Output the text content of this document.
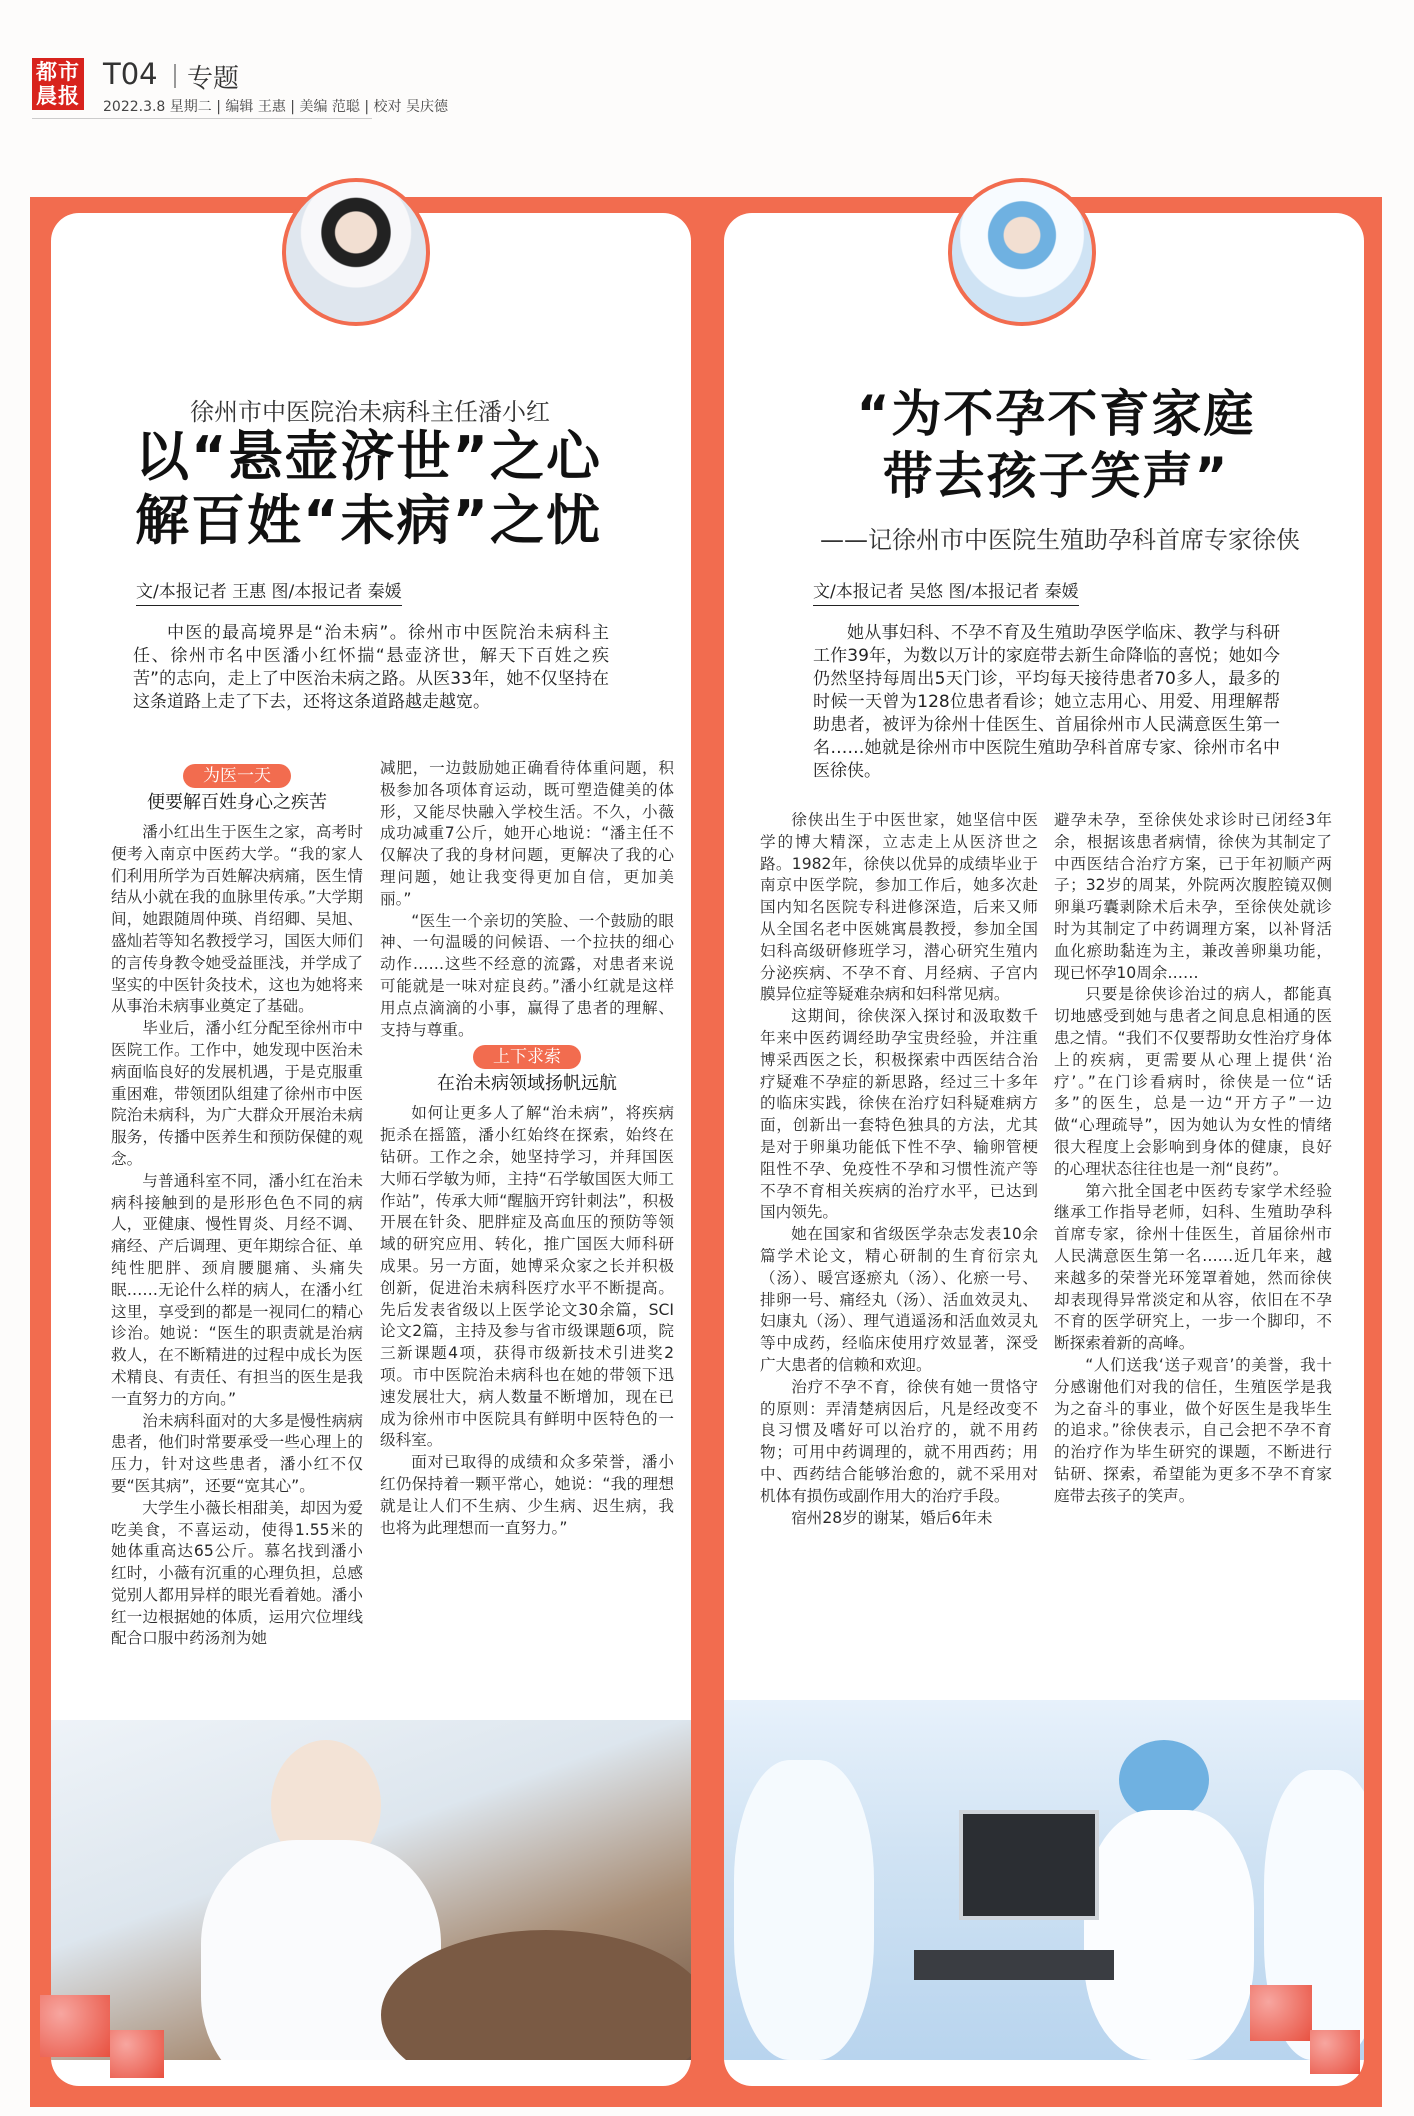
都市
晨报
T04 专题
2022.3.8 星期二 | 编辑 王惠 | 美编 范聪 | 校对 吴庆德
徐州市中医院治未病科主任潘小红
以“悬壶济世”之心
解百姓“未病”之忧
文/本报记者 王惠 图/本报记者 秦媛
中医的最高境界是“治未病”。徐州市中医院治未病科主任、徐州市名中医潘小红怀揣“悬壶济世，解天下百姓之疾苦”的志向，走上了中医治未病之路。从医33年，她不仅坚持在这条道路上走了下去，还将这条道路越走越宽。
为医一天
便要解百姓身心之疾苦

潘小红出生于医生之家，高考时便考入南京中医药大学。“我的家人们利用所学为百姓解决病痛，医生情结从小就在我的血脉里传承。”大学期间，她跟随周仲瑛、肖绍卿、吴旭、盛灿若等知名教授学习，国医大师们的言传身教令她受益匪浅，并学成了坚实的中医针灸技术，这也为她将来从事治未病事业奠定了基础。

毕业后，潘小红分配至徐州市中医院工作。工作中，她发现中医治未病面临良好的发展机遇，于是克服重重困难，带领团队组建了徐州市中医院治未病科，为广大群众开展治未病服务，传播中医养生和预防保健的观念。

与普通科室不同，潘小红在治未病科接触到的是形形色色不同的病人，亚健康、慢性胃炎、月经不调、痛经、产后调理、更年期综合征、单纯性肥胖、颈肩腰腿痛、头痛失眠……无论什么样的病人，在潘小红这里，享受到的都是一视同仁的精心诊治。她说：“医生的职责就是治病救人，在不断精进的过程中成长为医术精良、有责任、有担当的医生是我一直努力的方向。”

治未病科面对的大多是慢性病病患者，他们时常要承受一些心理上的压力，针对这些患者，潘小红不仅要“医其病”，还要“宽其心”。

大学生小薇长相甜美，却因为爱吃美食，不喜运动，使得1.55米的她体重高达65公斤。慕名找到潘小红时，小薇有沉重的心理负担，总感觉别人都用异样的眼光看着她。潘小红一边根据她的体质，运用穴位埋线配合口服中药汤剂为她

减肥，一边鼓励她正确看待体重问题，积极参加各项体育运动，既可塑造健美的体形，又能尽快融入学校生活。不久，小薇成功减重7公斤，她开心地说：“潘主任不仅解决了我的身材问题，更解决了我的心理问题，她让我变得更加自信，更加美丽。”

“医生一个亲切的笑脸、一个鼓励的眼神、一句温暖的问候语、一个拉扶的细心动作……这些不经意的流露，对患者来说可能就是一味对症良药。”潘小红就是这样用点点滴滴的小事，赢得了患者的理解、支持与尊重。

上下求索
在治未病领域扬帆远航

如何让更多人了解“治未病”，将疾病扼杀在摇篮，潘小红始终在探索，始终在钻研。工作之余，她坚持学习，并拜国医大师石学敏为师，主持“石学敏国医大师工作站”，传承大师“醒脑开窍针刺法”，积极开展在针灸、肥胖症及高血压的预防等领域的研究应用、转化，推广国医大师科研成果。另一方面，她博采众家之长并积极创新，促进治未病科医疗水平不断提高。先后发表省级以上医学论文30余篇，SCI论文2篇，主持及参与省市级课题6项，院三新课题4项，获得市级新技术引进奖2项。市中医院治未病科也在她的带领下迅速发展壮大，病人数量不断增加，现在已成为徐州市中医院具有鲜明中医特色的一级科室。

面对已取得的成绩和众多荣誉，潘小红仍保持着一颗平常心，她说：“我的理想就是让人们不生病、少生病、迟生病，我也将为此理想而一直努力。”

“为不孕不育家庭
带去孩子笑声”
——记徐州市中医院生殖助孕科首席专家徐侠
文/本报记者 吴悠 图/本报记者 秦媛
她从事妇科、不孕不育及生殖助孕医学临床、教学与科研工作39年，为数以万计的家庭带去新生命降临的喜悦；她如今仍然坚持每周出5天门诊，平均每天接待患者70多人，最多的时候一天曾为128位患者看诊；她立志用心、用爱、用理解帮助患者，被评为徐州十佳医生、首届徐州市人民满意医生第一名……她就是徐州市中医院生殖助孕科首席专家、徐州市名中医徐侠。

徐侠出生于中医世家，她坚信中医学的博大精深，立志走上从医济世之路。1982年，徐侠以优异的成绩毕业于南京中医学院，参加工作后，她多次赴国内知名医院专科进修深造，后来又师从全国名老中医姚寓晨教授，参加全国妇科高级研修班学习，潜心研究生殖内分泌疾病、不孕不育、月经病、子宫内膜异位症等疑难杂病和妇科常见病。

这期间，徐侠深入探讨和汲取数千年来中医药调经助孕宝贵经验，并注重博采西医之长，积极探索中西医结合治疗疑难不孕症的新思路，经过三十多年的临床实践，徐侠在治疗妇科疑难病方面，创新出一套特色独具的方法，尤其是对于卵巢功能低下性不孕、输卵管梗阻性不孕、免疫性不孕和习惯性流产等不孕不育相关疾病的治疗水平，已达到国内领先。

她在国家和省级医学杂志发表10余篇学术论文，精心研制的生育衍宗丸（汤）、暖宫逐瘀丸（汤）、化瘀一号、排卵一号、痛经丸（汤）、活血效灵丸、妇康丸（汤）、理气逍遥汤和活血效灵丸等中成药，经临床使用疗效显著，深受广大患者的信赖和欢迎。

治疗不孕不育，徐侠有她一贯恪守的原则：弄清楚病因后，凡是经改变不良习惯及嗜好可以治疗的，就不用药物；可用中药调理的，就不用西药；用中、西药结合能够治愈的，就不采用对机体有损伤或副作用大的治疗手段。

宿州28岁的谢某，婚后6年未

避孕未孕，至徐侠处求诊时已闭经3年余，根据该患者病情，徐侠为其制定了中西医结合治疗方案，已于年初顺产两子；32岁的周某，外院两次腹腔镜双侧卵巢巧囊剥除术后未孕，至徐侠处就诊时为其制定了中药调理方案，以补肾活血化瘀助黏连为主，兼改善卵巢功能，现已怀孕10周余……

只要是徐侠诊治过的病人，都能真切地感受到她与患者之间息息相通的医患之情。“我们不仅要帮助女性治疗身体上的疾病，更需要从心理上提供‘治疗’。”在门诊看病时，徐侠是一位“话多”的医生，总是一边“开方子”一边做“心理疏导”，因为她认为女性的情绪很大程度上会影响到身体的健康，良好的心理状态往往也是一剂“良药”。

第六批全国老中医药专家学术经验继承工作指导老师，妇科、生殖助孕科首席专家，徐州十佳医生，首届徐州市人民满意医生第一名……近几年来，越来越多的荣誉光环笼罩着她，然而徐侠却表现得异常淡定和从容，依旧在不孕不育的医学研究上，一步一个脚印，不断探索着新的高峰。

“人们送我‘送子观音’的美誉，我十分感谢他们对我的信任，生殖医学是我为之奋斗的事业，做个好医生是我毕生的追求。”徐侠表示，自己会把不孕不育的治疗作为毕生研究的课题，不断进行钻研、探索，希望能为更多不孕不育家庭带去孩子的笑声。
